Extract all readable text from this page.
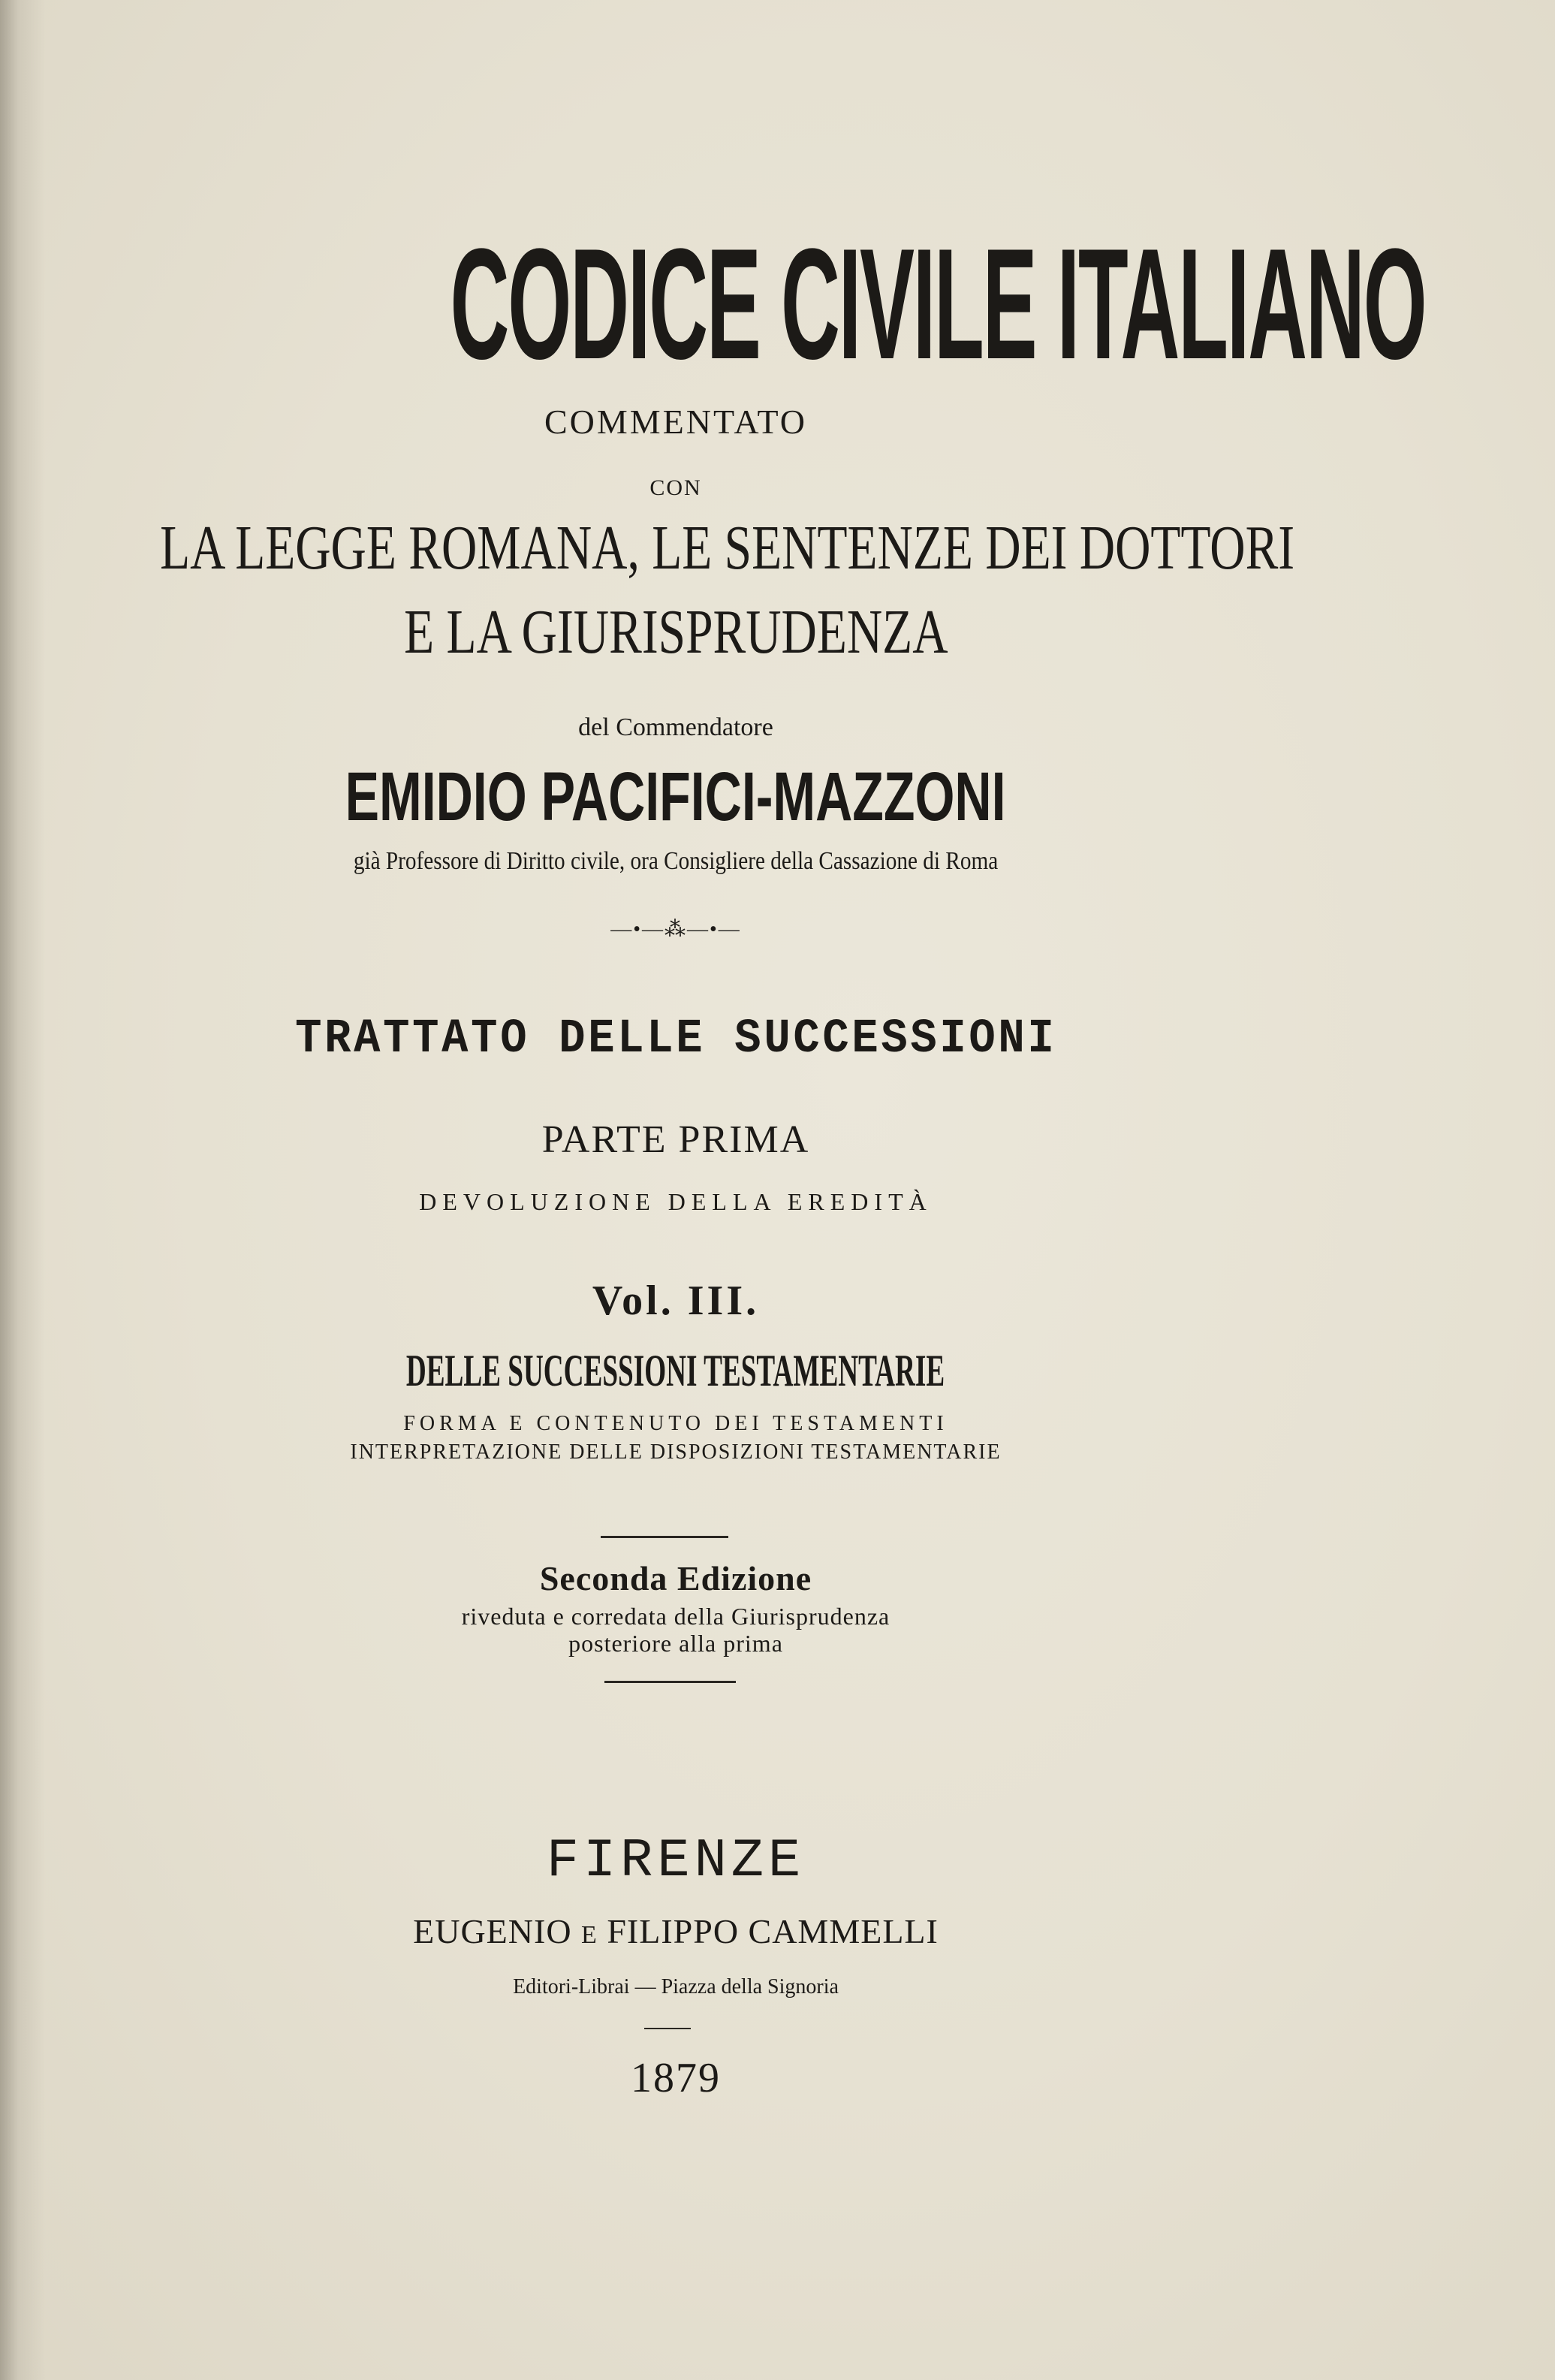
CODICE CIVILE ITALIANO
COMMENTATO
CON
LA LEGGE ROMANA, LE SENTENZE DEI DOTTORI
E LA GIURISPRUDENZA
del Commendatore
EMIDIO PACIFICI-MAZZONI
già Professore di Diritto civile, ora Consigliere della Cassazione di Roma
—•—⁂—•—
TRATTATO DELLE SUCCESSIONI
PARTE PRIMA
DEVOLUZIONE DELLA EREDITÀ
Vol. III.
DELLE SUCCESSIONI TESTAMENTARIE
FORMA E CONTENUTO DEI TESTAMENTI
INTERPRETAZIONE DELLE DISPOSIZIONI TESTAMENTARIE
Seconda Edizione
riveduta e corredata della Giurisprudenza
posteriore alla prima
FIRENZE
EUGENIO E FILIPPO CAMMELLI
Editori-Librai — Piazza della Signoria
1879
